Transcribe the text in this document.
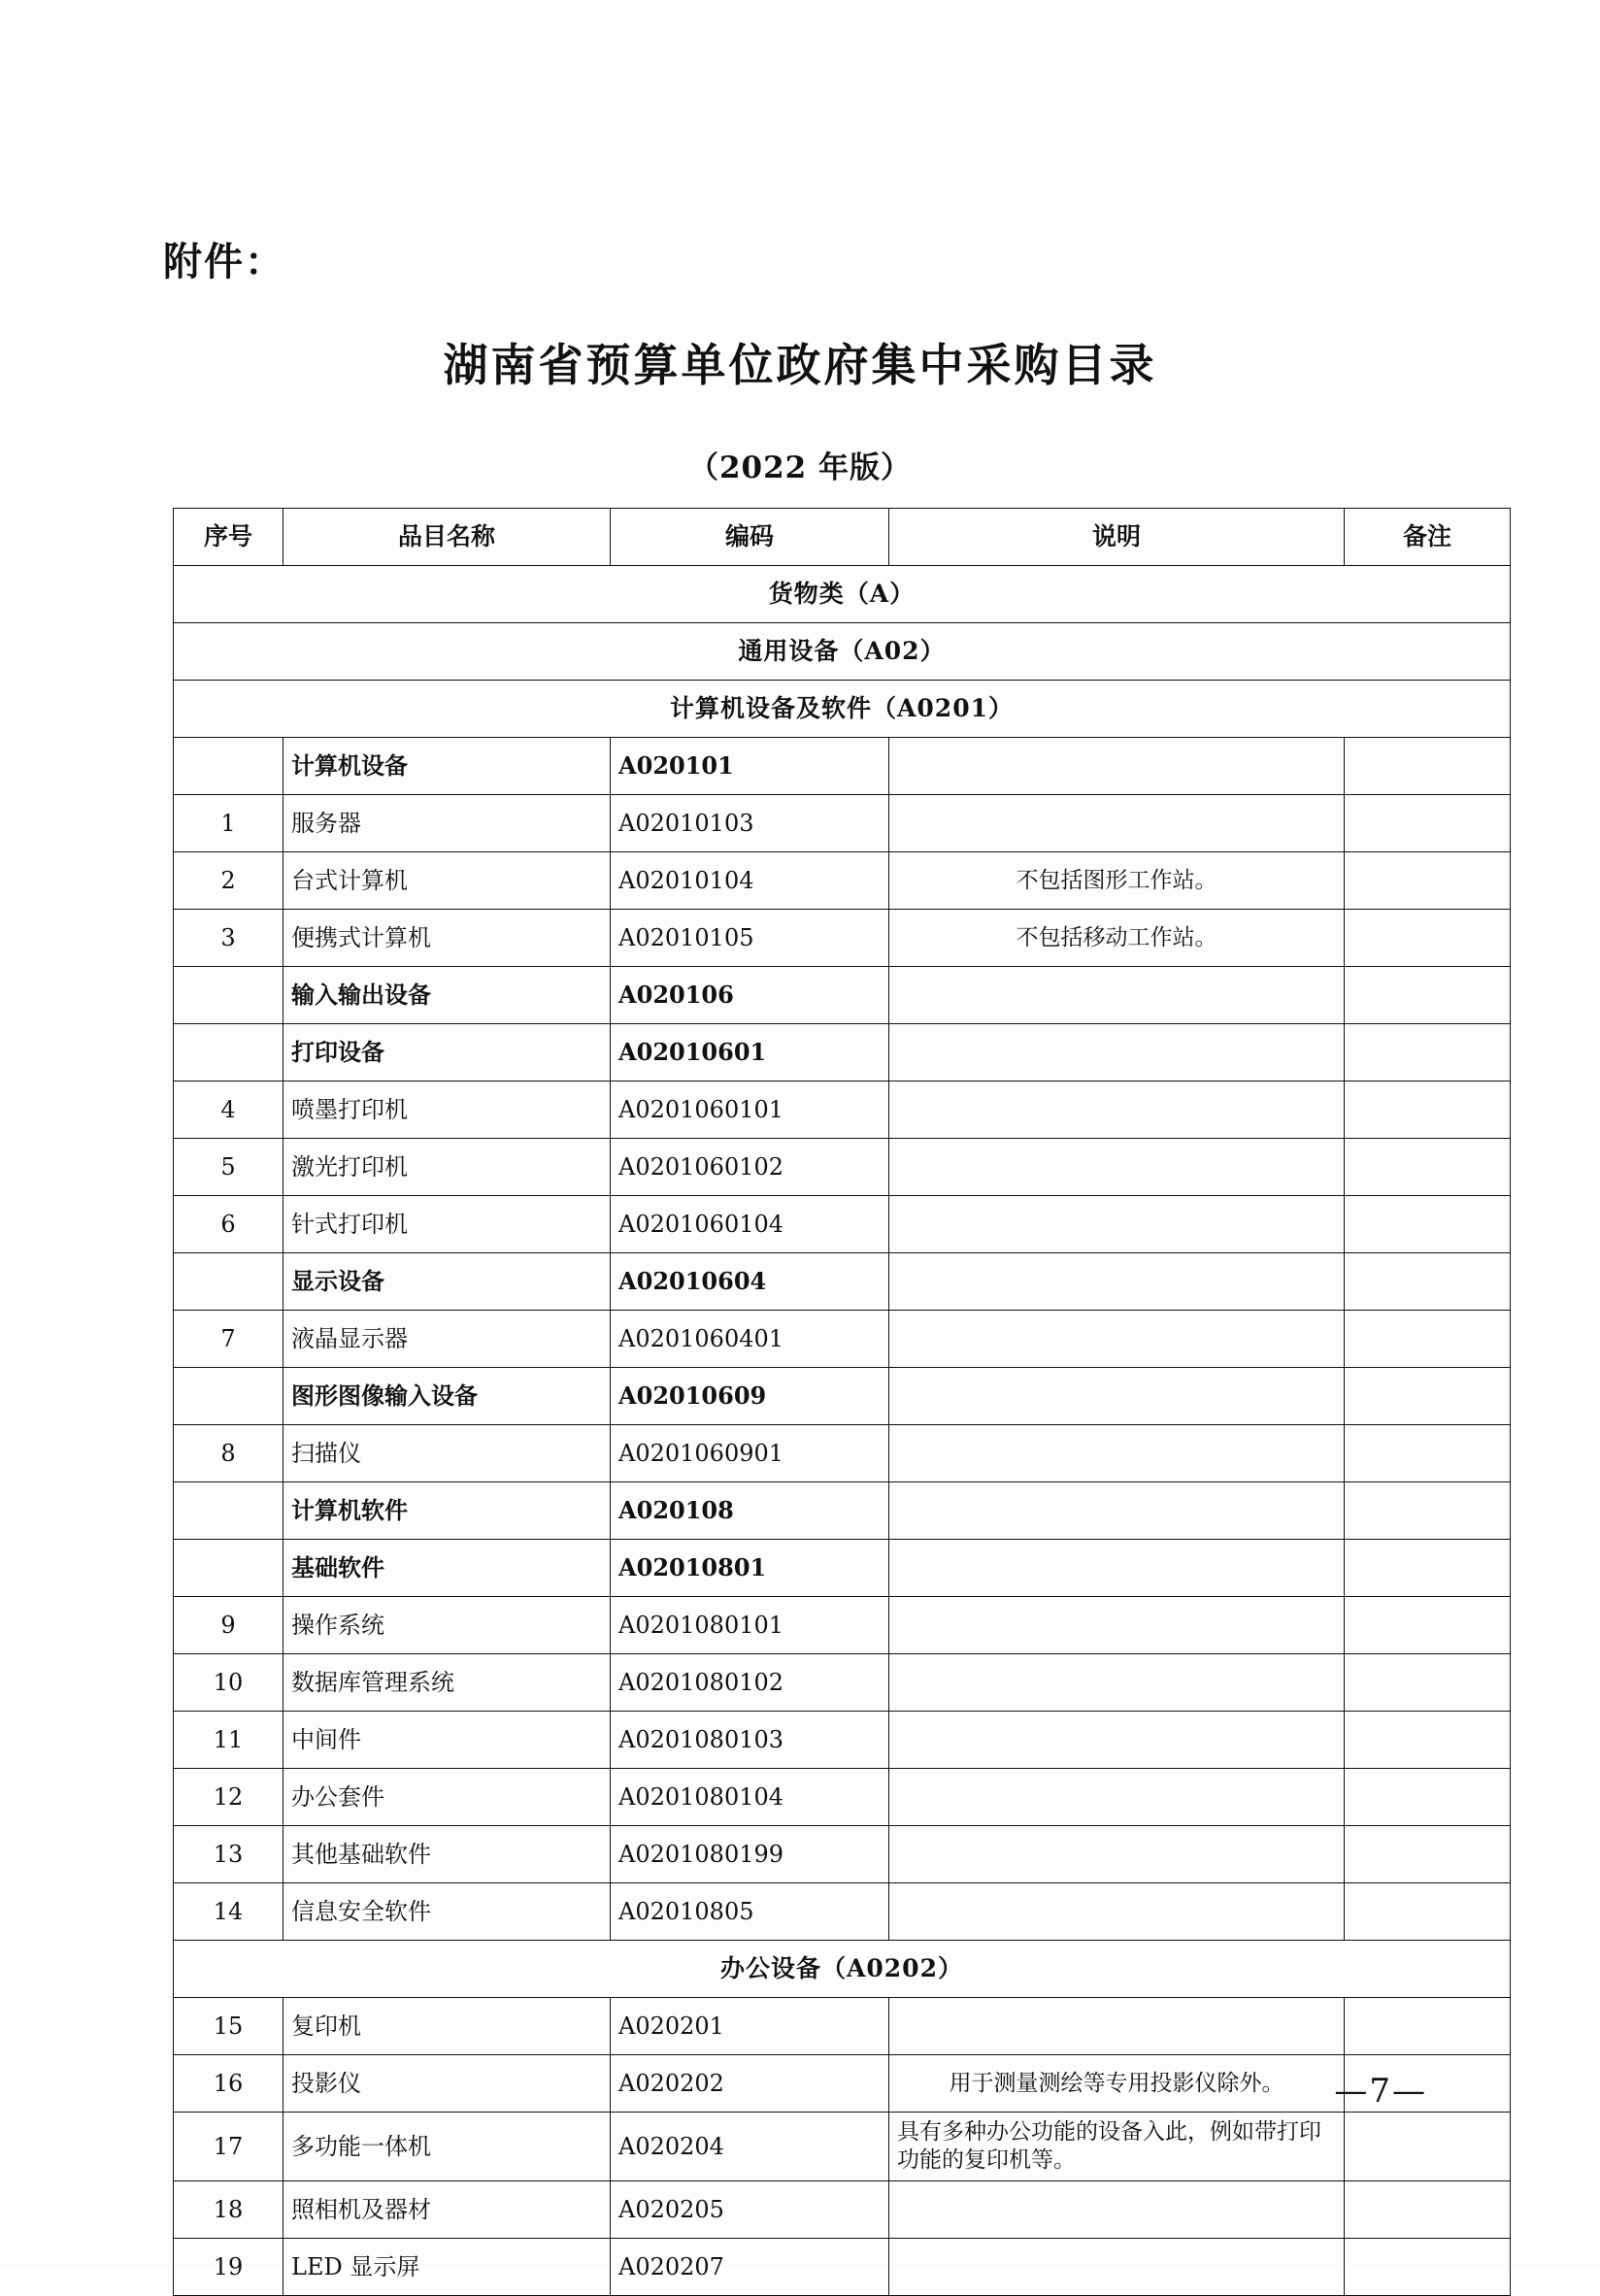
附件：
湖南省预算单位政府集中采购目录
（2022 年版）
序号	品目名称	编码	说明	备注
货物类（A）				
通用设备（A02）				
计算机设备及软件（A0201）				
	计算机设备	A020101		
1	服务器	A02010103		
2	台式计算机	A02010104	不包括图形工作站。	
3	便携式计算机	A02010105	不包括移动工作站。	
	输入输出设备	A020106		
	打印设备	A02010601		
4	喷墨打印机	A0201060101		
5	激光打印机	A0201060102		
6	针式打印机	A0201060104		
	显示设备	A02010604		
7	液晶显示器	A0201060401		
	图形图像输入设备	A02010609		
8	扫描仪	A0201060901		
	计算机软件	A020108		
	基础软件	A02010801		
9	操作系统	A0201080101		
10	数据库管理系统	A0201080102		
11	中间件	A0201080103		
12	办公套件	A0201080104		
13	其他基础软件	A0201080199		
14	信息安全软件	A02010805		
办公设备（A0202）				
15	复印机	A020201		
16	投影仪	A020202	用于测量测绘等专用投影仪除外。	
17	多功能一体机	A020204	具有多种办公功能的设备入此，例如带打印功能的复印机等。	
18	照相机及器材	A020205		
19	LED 显示屏	A020207		
—7—
